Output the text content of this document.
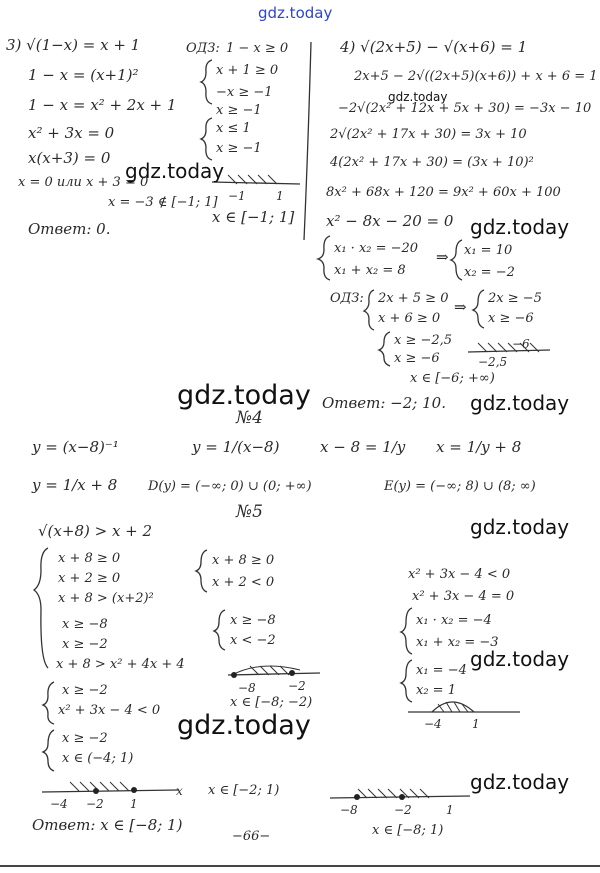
gdz.today
gdz.today
gdz.today
gdz.today
gdz.today	gdz.today
gdz.today
gdz.today
gdz.today
gdz.today
3) √(1−x) = x + 1
1 − x = (x+1)²
1 − x = x² + 2x + 1
x² + 3x = 0
x(x+3) = 0
x = 0 или x + 3 = 0
x = −3 ∉ [−1; 1]
Ответ: 0.
ОДЗ: 1 − x ≥ 0
x + 1 ≥ 0
−x ≥ −1
x ≥ −1
x ≤ 1
x ≥ −1
−1	1
x ∈ [−1; 1]
4) √(2x+5) − √(x+6) = 1
2x+5 − 2√((2x+5)(x+6)) + x + 6 = 1
−2√(2x² + 12x + 5x + 30) = −3x − 10
2√(2x² + 17x + 30) = 3x + 10
4(2x² + 17x + 30) = (3x + 10)²
8x² + 68x + 120 = 9x² + 60x + 100
x² − 8x − 20 = 0
x₁ · x₂ = −20
x₁ + x₂ = 8
⇒ x₁ = 10
x₂ = −2
ОДЗ: 2x + 5 ≥ 0
x + 6 ≥ 0
⇒ 2x ≥ −5
x ≥ −6
x ≥ −2,5
x ≥ −6	−2,5
−6
x ∈ [−6; +∞)
Ответ: −2; 10.
№4
y = (x−8)⁻¹	y = 1/(x−8)	x − 8 = 1/y x = 1/y + 8
y = 1/x + 8 D(y) = (−∞; 0) ∪ (0; +∞)	E(y) = (−∞; 8) ∪ (8; ∞)
№5
√(x+8) > x + 2
x + 8 ≥ 0
x + 2 ≥ 0
x + 8 > (x+2)²
x ≥ −8
x ≥ −2
x + 8 > x² + 4x + 4
x ≥ −2
x² + 3x − 4 < 0
x ≥ −2
x ∈ (−4; 1)
x + 8 ≥ 0
x + 2 < 0
x ≥ −8
x < −2
−8	−2
x ∈ [−8; −2)
x² + 3x − 4 < 0
x² + 3x − 4 = 0
x₁ · x₂ = −4
x₁ + x₂ = −3
x₁ = −4
x₂ = 1
−4	1
−4 −2 1
x x ∈ [−2; 1)
−8	−2	1
x ∈ [−8; 1)
Ответ: x ∈ [−8; 1)
−66−
